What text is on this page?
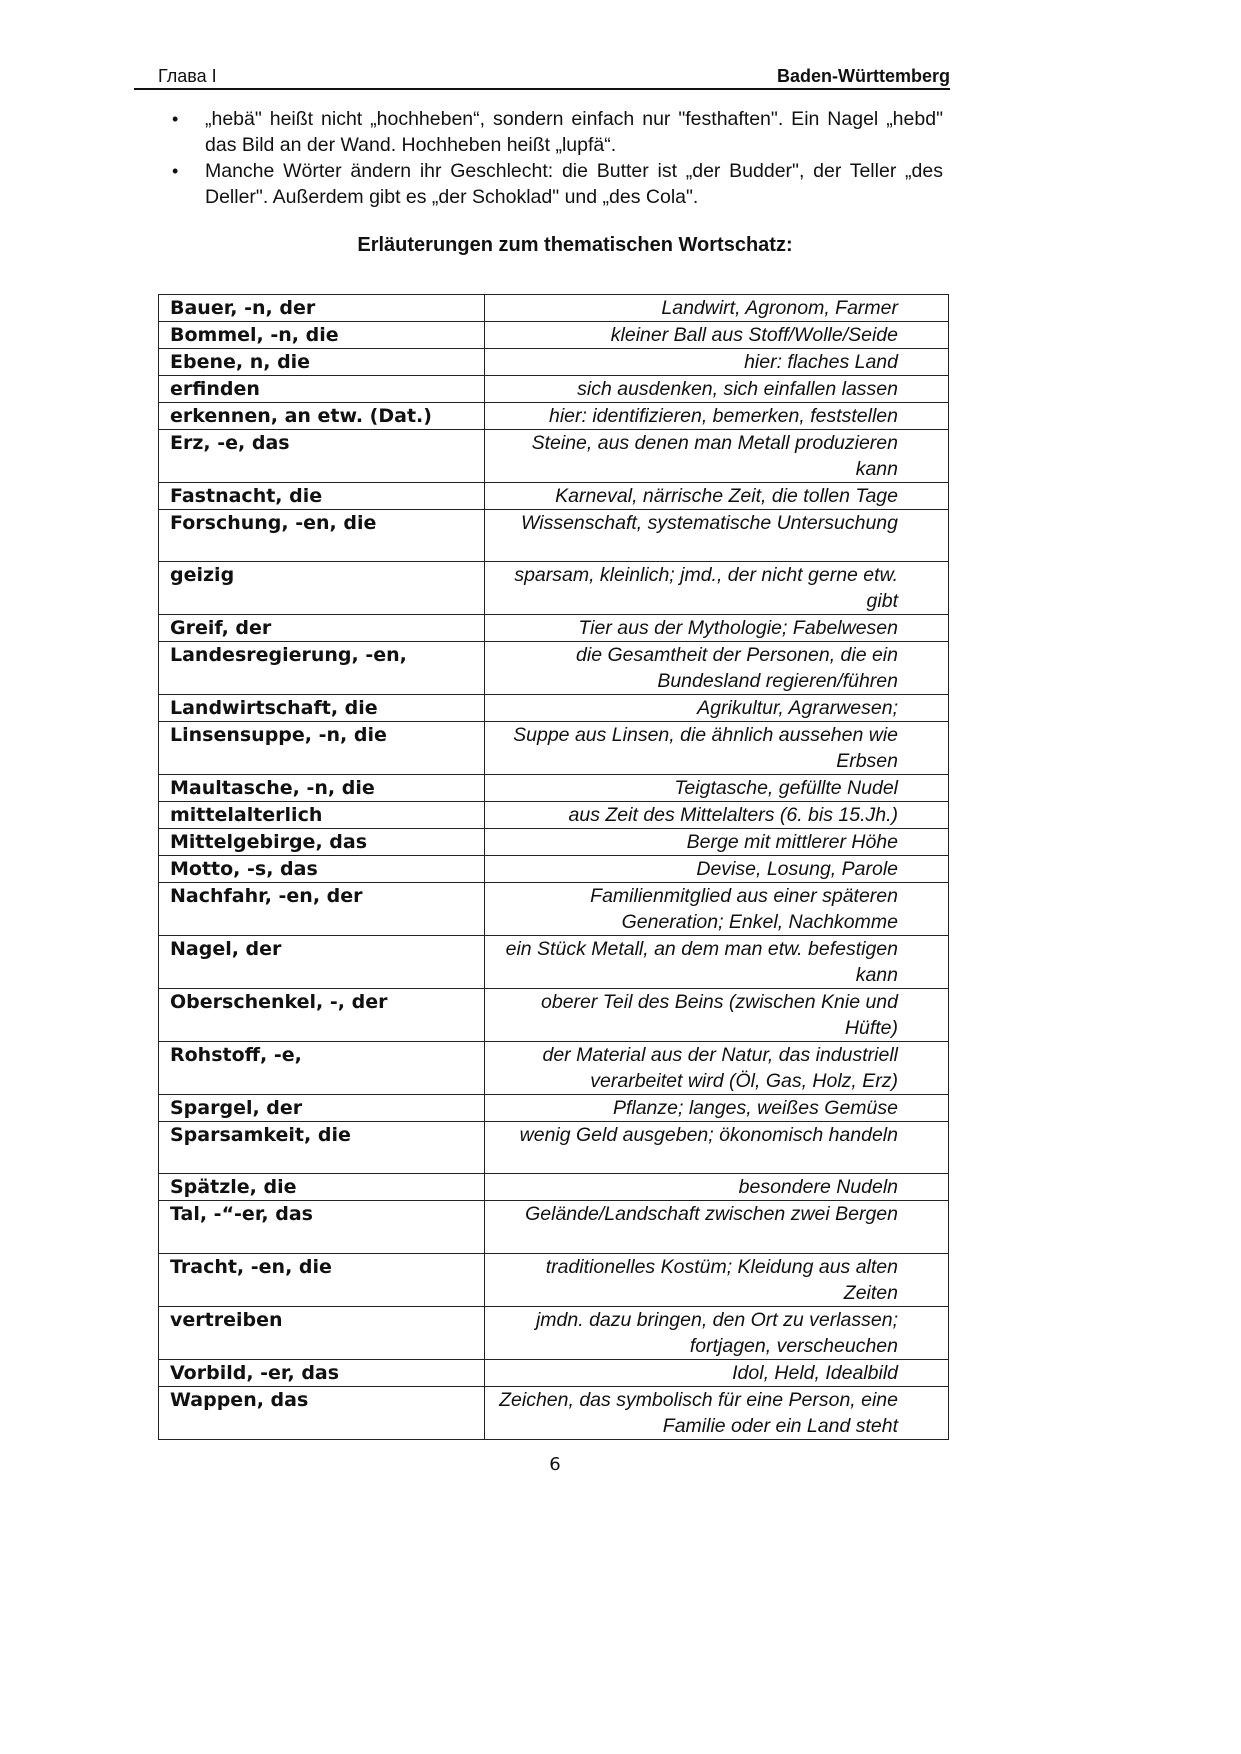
Глава I	Baden-Württemberg
• „hebä" heißt nicht „hochheben“, sondern einfach nur "festhaften". Ein Nagel „hebd" das Bild an der Wand. Hochheben heißt „lupfä“.
• Manche Wörter ändern ihr Geschlecht: die Butter ist „der Budder", der Teller „des Deller". Außerdem gibt es „der Schoklad" und „des Cola".
Erläuterungen zum thematischen Wortschatz:
Bauer, -n, der	Landwirt, Agronom, Farmer
Bommel, -n, die	kleiner Ball aus Stoff/Wolle/Seide
Ebene, n, die	hier: flaches Land
erfinden	sich ausdenken, sich einfallen lassen
erkennen, an etw. (Dat.)	hier: identifizieren, bemerken, feststellen
Erz, -e, das	Steine, aus denen man Metall produzieren kann
Fastnacht, die	Karneval, närrische Zeit, die tollen Tage
Forschung, -en, die	Wissenschaft, systematische Untersuchung
geizig	sparsam, kleinlich; jmd., der nicht gerne etw. gibt
Greif, der	Tier aus der Mythologie; Fabelwesen
Landesregierung, -en,	die Gesamtheit der Personen, die ein Bundesland regieren/führen
Landwirtschaft, die	Agrikultur, Agrarwesen;
Linsensuppe, -n, die	Suppe aus Linsen, die ähnlich aussehen wie Erbsen
Maultasche, -n, die	Teigtasche, gefüllte Nudel
mittelalterlich	aus Zeit des Mittelalters (6. bis 15.Jh.)
Mittelgebirge, das	Berge mit mittlerer Höhe
Motto, -s, das	Devise, Losung, Parole
Nachfahr, -en, der	Familienmitglied aus einer späteren Generation; Enkel, Nachkomme
Nagel, der	ein Stück Metall, an dem man etw. befestigen kann
Oberschenkel, -, der	oberer Teil des Beins (zwischen Knie und Hüfte)
Rohstoff, -e,	der Material aus der Natur, das industriell verarbeitet wird (Öl, Gas, Holz, Erz)
Spargel, der	Pflanze; langes, weißes Gemüse
Sparsamkeit, die	wenig Geld ausgeben; ökonomisch handeln
Spätzle, die	besondere Nudeln
Tal, -“-er, das	Gelände/Landschaft zwischen zwei Bergen
Tracht, -en, die	traditionelles Kostüm; Kleidung aus alten Zeiten
vertreiben	jmdn. dazu bringen, den Ort zu verlassen; fortjagen, verscheuchen
Vorbild, -er, das	Idol, Held, Idealbild
Wappen, das	Zeichen, das symbolisch für eine Person, eine Familie oder ein Land steht
6
